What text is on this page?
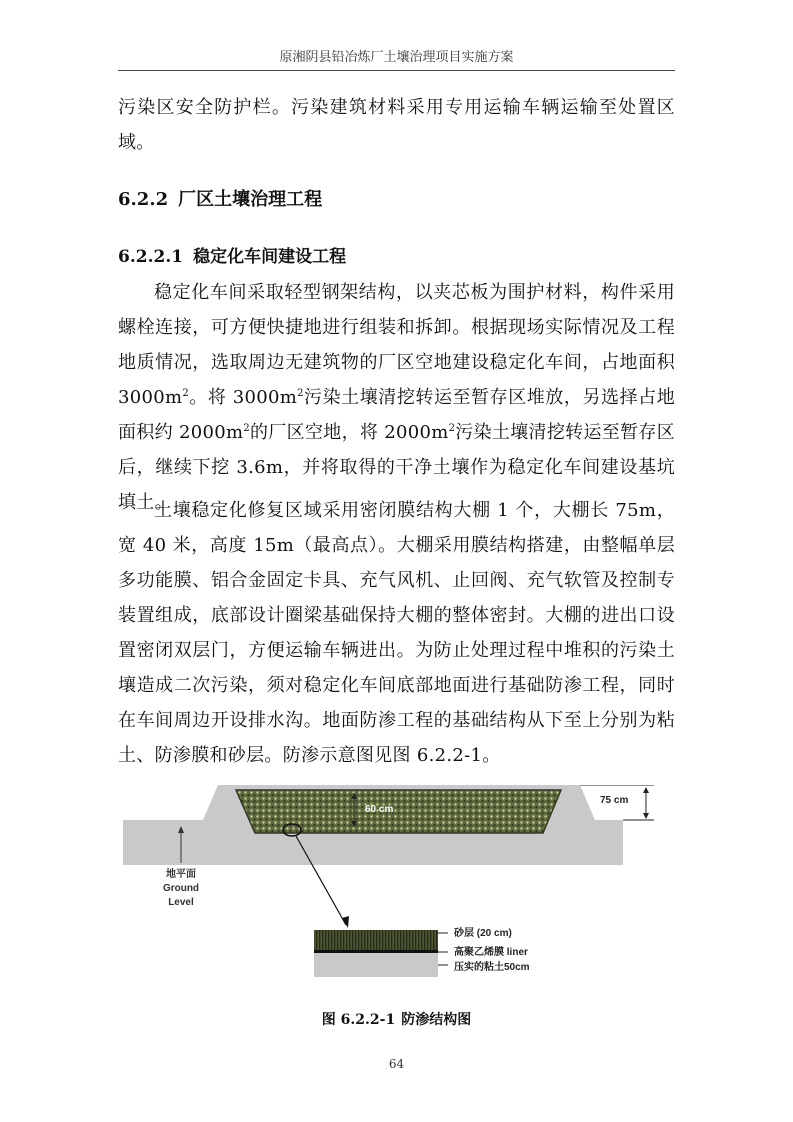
原湘阴县铅冶炼厂土壤治理项目实施方案
污染区安全防护栏。污染建筑材料采用专用运输车辆运输至处置区域。
6.2.2 厂区土壤治理工程
6.2.2.1 稳定化车间建设工程
稳定化车间采取轻型钢架结构，以夹芯板为围护材料，构件采用螺栓连接，可方便快捷地进行组装和拆卸。根据现场实际情况及工程地质情况，选取周边无建筑物的厂区空地建设稳定化车间，占地面积$3000m^2$。将 $3000m^2$污染土壤清挖转运至暂存区堆放，另选择占地面积约 $2000m^2$的厂区空地，将 $2000m^2$污染土壤清挖转运至暂存区后，继续下挖 3.6m，并将取得的干净土壤作为稳定化车间建设基坑填土。
土壤稳定化修复区域采用密闭膜结构大棚 1 个，大棚长 75m，宽 40 米，高度 15m（最高点）。大棚采用膜结构搭建，由整幅单层多功能膜、铝合金固定卡具、充气风机、止回阀、充气软管及控制专装置组成，底部设计圈梁基础保持大棚的整体密封。大棚的进出口设置密闭双层门，方便运输车辆进出。为防止处理过程中堆积的污染土壤造成二次污染，须对稳定化车间底部地面进行基础防渗工程，同时在车间周边开设排水沟。地面防渗工程的基础结构从下至上分别为粘土、防渗膜和砂层。防渗示意图见图 6.2.2-1。
60 cm
75 cm
地平面
Ground
Level
砂层 (20 cm)
高聚乙烯膜 liner
压实的粘土50cm
图 6.2.2-1 防渗结构图
64
